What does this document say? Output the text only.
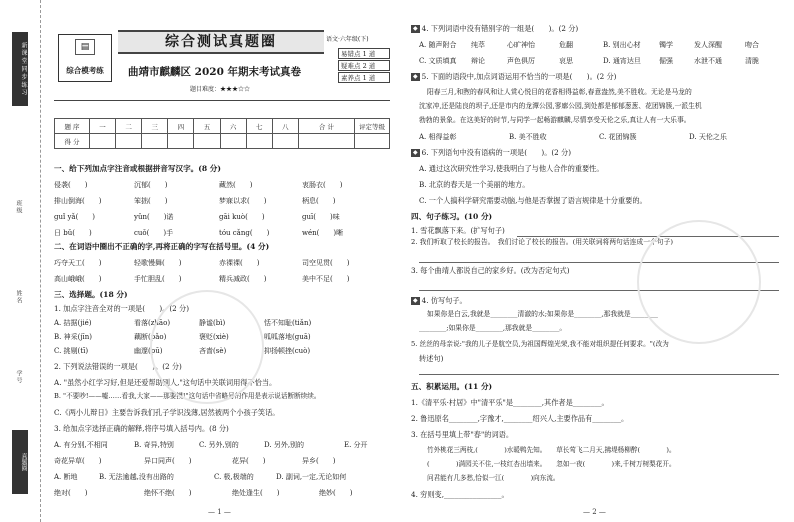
新 课 堂 同 步 练 习
班级
姓名
学号
真题圈
▤
综合模考练
综合测试真题圈	语文·六年级(下)
曲靖市麒麟区 2020 年期末考试真卷
题目难度：★★★☆☆
易错点 1 道
疑难点 2 道
素养点 1 道
题 序	一	二	三	四	五	六	七	八	合 计	评定等级
得 分										
一、给下列加点字注音或根据拼音写汉字。(8 分)
侵袭(　　)	沉郁(　　)	藏然(　　)	衷肠衣(　　)
排山倒海(　　)	笨拙(　　)	梦寐以求(　　)	柄息(　　)
ɡuǐ yǎ(　　)	yǔn(　　)诺	gāi kuò(　　)	ɡuī(　　)味
日 bǔ(　　)	cuǒ(　　)手	tóu cǎnɡ(　　)	wén(　　)晰
二、在词语中圈出不正确的字,再将正确的字写在括号里。(4 分)
巧夺天工(　　)	轻歌慢舞(　　)	赤裸裸(　　)	司空见贯(　　)
高山峨峨(　　)	手忙胆乱(　　)	精兵减政(　　)	美中不足(　　)
三、选择题。(18 分)
1. 加点字注音全对的一项是(　　)。(2 分)
A. 拮据(jié)	看落(zhāo)	静谧(bì)	恬不知耻(tiǎn)
B. 神采(jīn)	藕断(pǎo)	褒贬(xiè)	呱呱落地(guā)
C. 挑剔(tī)	幽邃(pū)	吝啬(sè)	抑扬顿挫(cuò)
2. 下列说法错误的一项是(　　)。(2 分)
A. "虽然小红学习好,但是还爱帮助别人,"这句话中关联词用得不恰当。
B. "不要吵!——嘘……看我,大家——那要摸!"这句话中省略号的作用是表示说话断断续续。
C.《两小儿辩日》主要告诉我们孔子学识浅薄,居然被两个小孩子笑话。
3. 给加点字选择正确的解释,将序号填入括号内。(8 分)
A. 有分别,不相同	B. 奇异,特别	C. 另外,别的	D. 另外,别的	E. 分开
奇花异草(　　)	异口同声(　　)	花异(　　)	异乡(　　)
A. 断地	B. 无法逾越,没有出路的	C. 极,极端的	D. 副词,一定,无论如何
绝对(　　)	绝怀不绝(　　)	绝处逢生(　　)	绝妙(　　)
— 1 —
◆ 4. 下列词语中没有错别字的一组是(　　)。(2 分)
A. 随声附合 纯萃	心旷神怡	危翻	B. 别出心材	镯学	发人深醒	吻合
C. 文质填真 辩论	声色俱厉	哀思	D. 通宵达旦	倔强	水泄不通	清脆
◆ 5. 下面的语段中,加点词语运用不恰当的一项是(　　)。(2 分)
阳春三月,和煦的春风和让人赏心悦目的花香相得益彰,春意盎然,美不胜收。无论是马龙的
沈家冲,还是陆良的坝子,还是市内的龙潭公园,寥廓公园,到处都是郁郁葱葱、花团锦簇,一派生机
勃勃的景象。在这美好的时节,与同学一起畅游麒麟,尽情享受天伦之乐,真让人有一大乐事。
A. 相得益彰	B. 美不胜收	C. 花团锦簇	D. 天伦之乐
◆ 6. 下列语句中没有语病的一项是(　　)。(2 分)
A. 通过这次研究性学习,使我明白了与他人合作的重要性。
B. 北京的春天是一个美丽的地方。
C. 一个人搞科学研究需要动脑,与他是否掌握了语言规律是十分重要的。
四、句子练习。(10 分)
1. 雪花飘落下来。(扩写句子)
2. 我们听取了校长的报告。　我们讨论了校长的报告。(用关联词将两句话连成一个句子)
3. 每个曲靖人都说自己的家乡好。(改为否定句式)
◆ 4. 仿写句子。
如果你是白云,我就是________清澈的水;如果你是________,那我就是________
________;如果你是________,那我就是________。
5. 丝丝的母亲说:"我的儿子是航空员,为祖国辉煌光荣,我不能对组织提任何要求。"(改为
转述句)
五、积累运用。(11 分)
1.《清平乐·村居》中"清平乐"是________,其作者是________。
2. 鲁迅原名________,字豫才,________绍兴人,主要作品有________。
3. 在括号里填上带"春"的词语。
竹外桃花三两枝,(　　　　)水暖鸭先知。　　草长莺飞二月天,拂堤杨柳醉(　　　　)。
(　　　　)满园关不住,一枝红杏出墙来。　　忽如一夜(　　　　)来,千树万树梨花开。
问君能有几多愁,恰似一江(　　　　)向东流。
4. 穷则变,________________。
— 2 —
